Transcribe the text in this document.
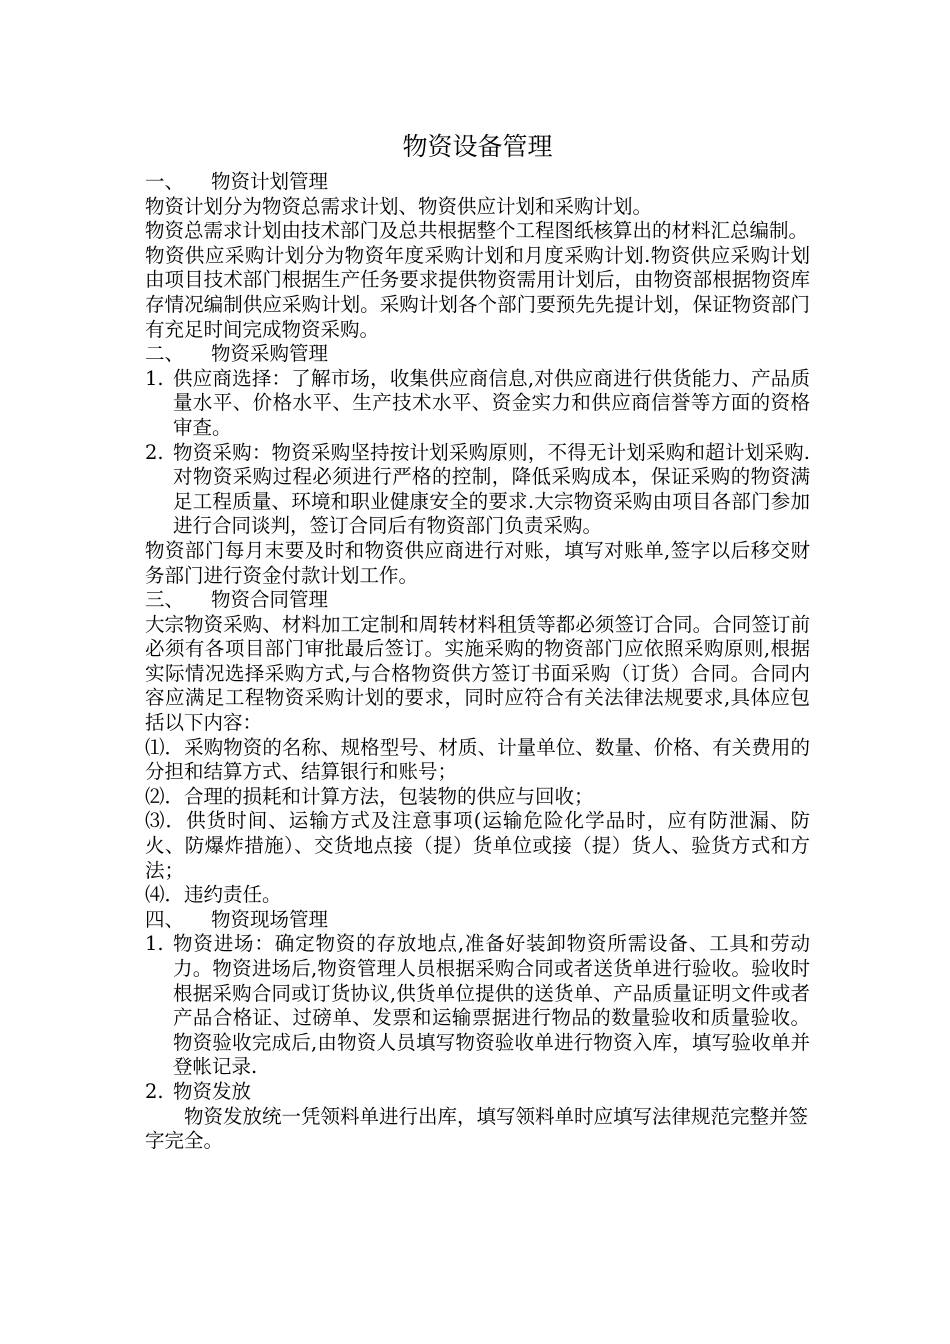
物资设备管理
一、	物资计划管理

物资计划分为物资总需求计划、物资供应计划和采购计划。

物资总需求计划由技术部门及总共根据整个工程图纸核算出的材料汇总编制。

物资供应采购计划分为物资年度采购计划和月度采购计划.物资供应采购计划由项目技术部门根据生产任务要求提供物资需用计划后，由物资部根据物资库存情况编制供应采购计划。采购计划各个部门要预先先提计划，保证物资部门有充足时间完成物资采购。

二、	物资采购管理
1. 供应商选择：了解市场，收集供应商信息,对供应商进行供货能力、产品质量水平、价格水平、生产技术水平、资金实力和供应商信誉等方面的资格审查。
2. 物资采购：物资采购坚持按计划采购原则，不得无计划采购和超计划采购.对物资采购过程必须进行严格的控制，降低采购成本，保证采购的物资满足工程质量、环境和职业健康安全的要求.大宗物资采购由项目各部门参加进行合同谈判，签订合同后有物资部门负责采购。

物资部门每月末要及时和物资供应商进行对账，填写对账单,签字以后移交财务部门进行资金付款计划工作。

三、	物资合同管理

大宗物资采购、材料加工定制和周转材料租赁等都必须签订合同。合同签订前必须有各项目部门审批最后签订。实施采购的物资部门应依照采购原则,根据实际情况选择采购方式,与合格物资供方签订书面采购（订货）合同。合同内容应满足工程物资采购计划的要求，同时应符合有关法律法规要求,具体应包括以下内容：

⑴．采购物资的名称、规格型号、材质、计量单位、数量、价格、有关费用的分担和结算方式、结算银行和账号；

⑵．合理的损耗和计算方法，包装物的供应与回收；

⑶．供货时间、运输方式及注意事项(运输危险化学品时，应有防泄漏、防火、防爆炸措施）、交货地点接（提）货单位或接（提）货人、验货方式和方法；

⑷．违约责任。

四、	物资现场管理
1. 物资进场：确定物资的存放地点,准备好装卸物资所需设备、工具和劳动力。物资进场后,物资管理人员根据采购合同或者送货单进行验收。验收时根据采购合同或订货协议,供货单位提供的送货单、产品质量证明文件或者产品合格证、过磅单、发票和运输票据进行物品的数量验收和质量验收。物资验收完成后,由物资人员填写物资验收单进行物资入库，填写验收单并登帐记录.
2. 物资发放

物资发放统一凭领料单进行出库，填写领料单时应填写法律规范完整并签字完全。
